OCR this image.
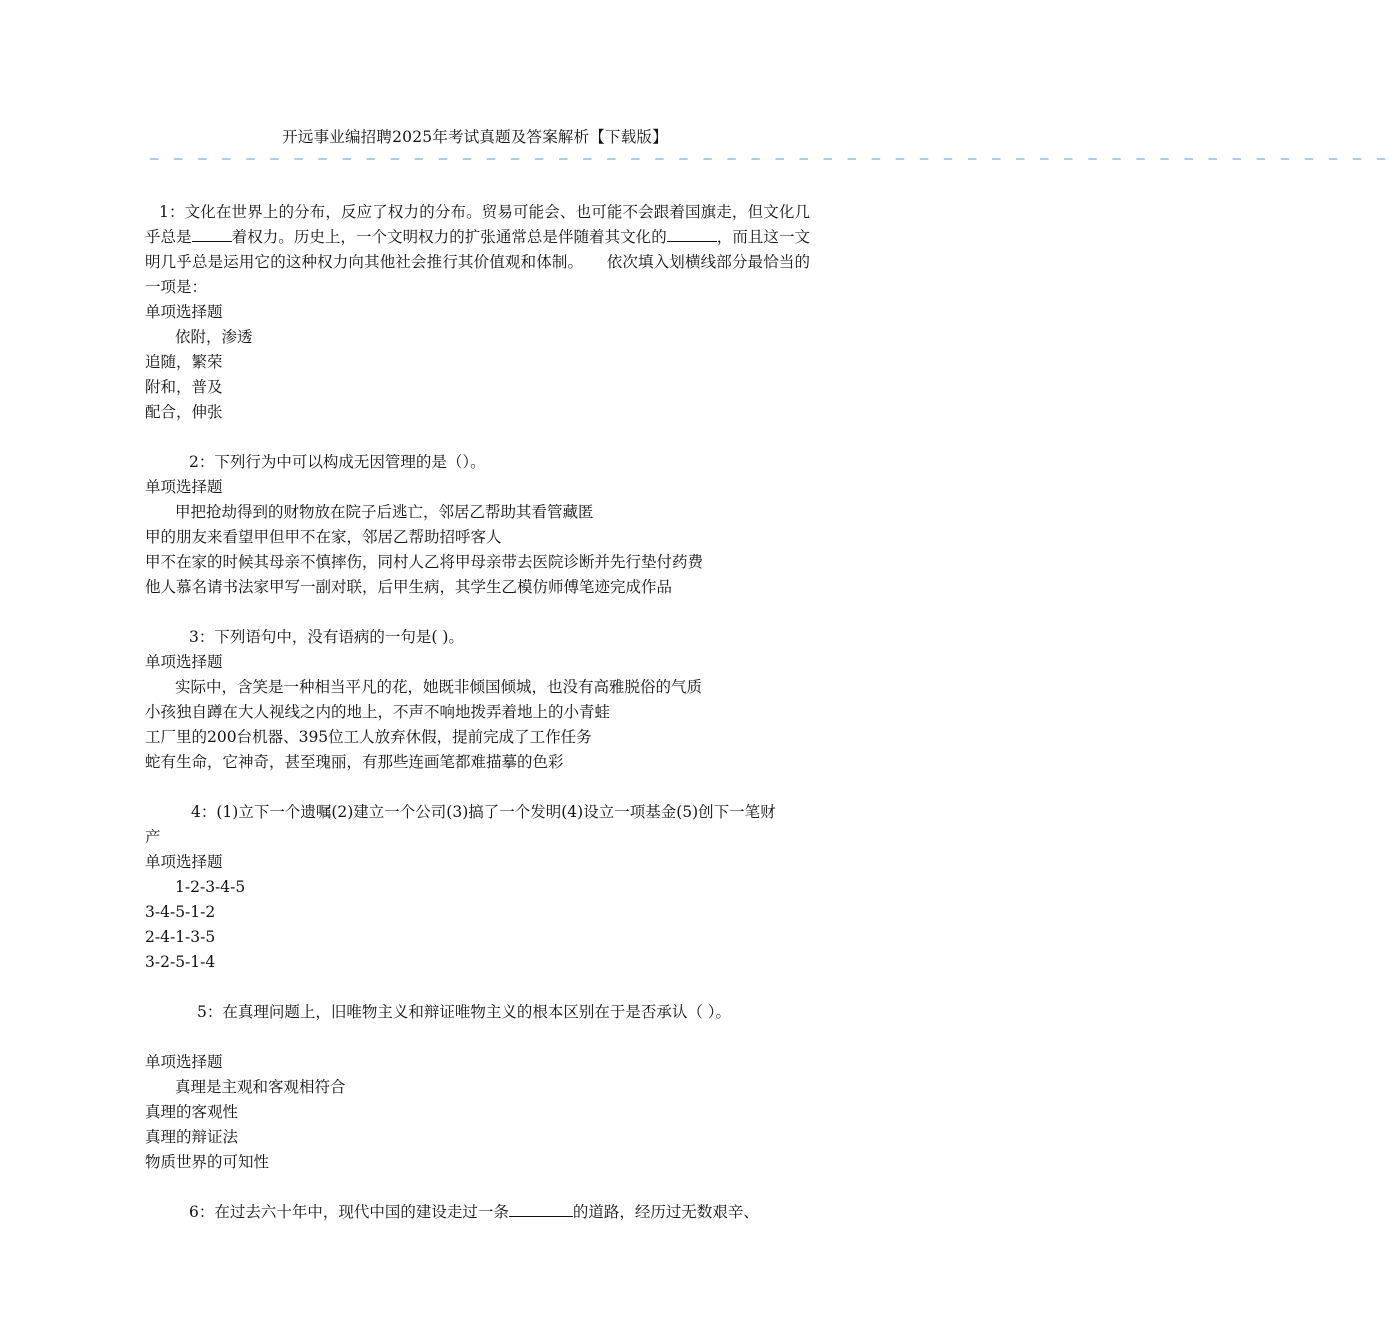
开远事业编招聘2025年考试真题及答案解析【下载版】
— — — — — — — — — — — — — — — — — — — — — — — — — — — — — — — — — — — — — — — — — — — — — — — — — — — —
1：文化在世界上的分布，反应了权力的分布。贸易可能会、也可能不会跟着国旗走，但文化几乎总是	着权力。历史上，一个文明权力的扩张通常总是伴随着其文化的	，而且这一文明几乎总是运用它的这种权力向其他社会推行其价值观和体制。　　依次填入划横线部分最恰当的一项是：
单项选择题
依附，渗透
追随，繁荣
附和，普及
配合，伸张
2：下列行为中可以构成无因管理的是（）。
单项选择题
甲把抢劫得到的财物放在院子后逃亡，邻居乙帮助其看管藏匿
甲的朋友来看望甲但甲不在家，邻居乙帮助招呼客人
甲不在家的时候其母亲不慎摔伤，同村人乙将甲母亲带去医院诊断并先行垫付药费
他人慕名请书法家甲写一副对联，后甲生病，其学生乙模仿师傅笔迹完成作品
3：下列语句中，没有语病的一句是( )。
单项选择题
实际中，含笑是一种相当平凡的花，她既非倾国倾城，也没有高雅脱俗的气质
小孩独自蹲在大人视线之内的地上，不声不响地拨弄着地上的小青蛙
工厂里的200台机器、395位工人放弃休假，提前完成了工作任务
蛇有生命，它神奇，甚至瑰丽，有那些连画笔都难描摹的色彩
4：(1)立下一个遗嘱(2)建立一个公司(3)搞了一个发明(4)设立一项基金(5)创下一笔财
产
单项选择题
1-2-3-4-5
3-4-5-1-2
2-4-1-3-5
3-2-5-1-4
5：在真理问题上，旧唯物主义和辩证唯物主义的根本区别在于是否承认（ ）。
单项选择题
真理是主观和客观相符合
真理的客观性
真理的辩证法
物质世界的可知性
6：在过去六十年中，现代中国的建设走过一条	的道路，经历过无数艰辛、
